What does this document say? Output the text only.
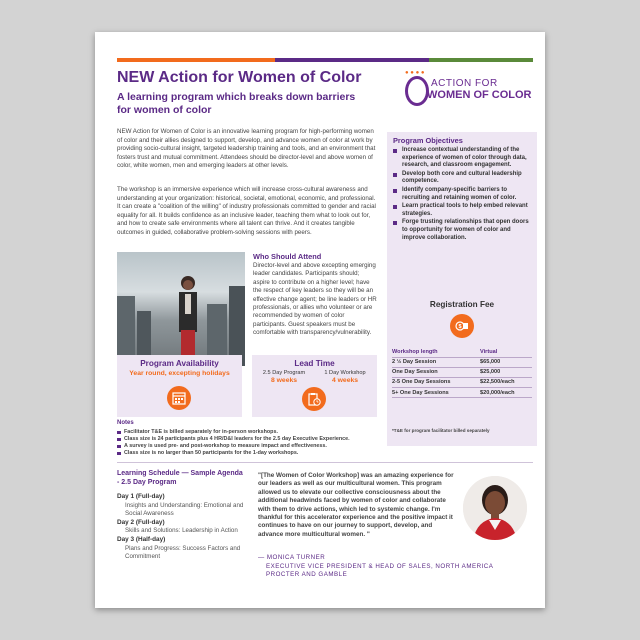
NEW Action for Women of Color
A learning program which breaks down barriers for women of color
● ● ● ●
ACTION FOR
WOMEN OF COLOR

NEW Action for Women of Color is an innovative learning program for high-performing women of color and their allies designed to support, develop, and advance women of color at work by providing socio-cultural insight, targeted leadership training and tools, and an environment that fosters trust and mutual commitment. Attendees should be director-level and above women of color, white women, men and emerging leaders at other levels.

The workshop is an immersive experience which will increase cross-cultural awareness and understanding at your organization: historical, societal, emotional, economic, and professional. It can create a "coalition of the willing" of industry professionals committed to gender and racial equality for all. It builds confidence as an inclusive leader, teaching them what to look out for, and how to create safe environments where all talent can thrive. And it creates tangible outcomes in guided, collaborative problem-solving sessions with peers.

Program Objectives
Increase contextual understanding of the experience of women of color through data, research, and classroom engagement.
Develop both core and cultural leadership competence.
Identify company-specific barriers to recruiting and retaining women of color.
Learn practical tools to help embed relevant strategies.
Forge trusting relationships that open doors to opportunity for women of color and improve collaboration.
Who Should Attend

Director-level and above excepting emerging leader candidates. Participants should; aspire to contribute on a higher level; have the respect of key leaders so they will be an effective change agent; be line leaders or HR professionals, or allies who volunteer or are recommended by women of color participants. Guest speakers must be comfortable with transparency/vulnerability.

Program Availability
Year round, excepting holidays
Lead Time
2.5 Day Program
8 weeks
1 Day Workshop
4 weeks
Registration Fee
$
Workshop length	Virtual
2 ½ Day Session	$65,000
One Day Session	$25,000
2-5 One Day Sessions	$22,500/each
5+ One Day Sessions	$20,000/each
*T&E for program facilitator billed separately
Notes
Facilitator T&E is billed separately for in-person workshops.
Class size is 24 participants plus 4 HR/D&I leaders for the 2.5 day Executive Experience.
A survey is used pre- and post-workshop to measure impact and effectiveness.
Class size is no larger than 50 participants for the 1-day workshops.
Learning Schedule — Sample Agenda - 2.5 Day Program
Day 1 (Full-day)
Insights and Understanding: Emotional and Social Awareness
Day 2 (Full-day)
Skills and Solutions: Leadership in Action
Day 3 (Half-day)
Plans and Progress: Success Factors and Commitment

"[The Women of Color Workshop] was an amazing experience for our leaders as well as our multicultural women. This program allowed us to elevate our collective consciousness about the additional headwinds faced by women of color and collaborate with them to drive actions, which led to systemic change. I'm thankful for this accelerator experience and the positive impact it continues to have on our journey to support, develop, and advance more multicultural women. "

— MONICA TURNER
EXECUTIVE VICE PRESIDENT & HEAD OF SALES, NORTH AMERICA
PROCTER AND GAMBLE
